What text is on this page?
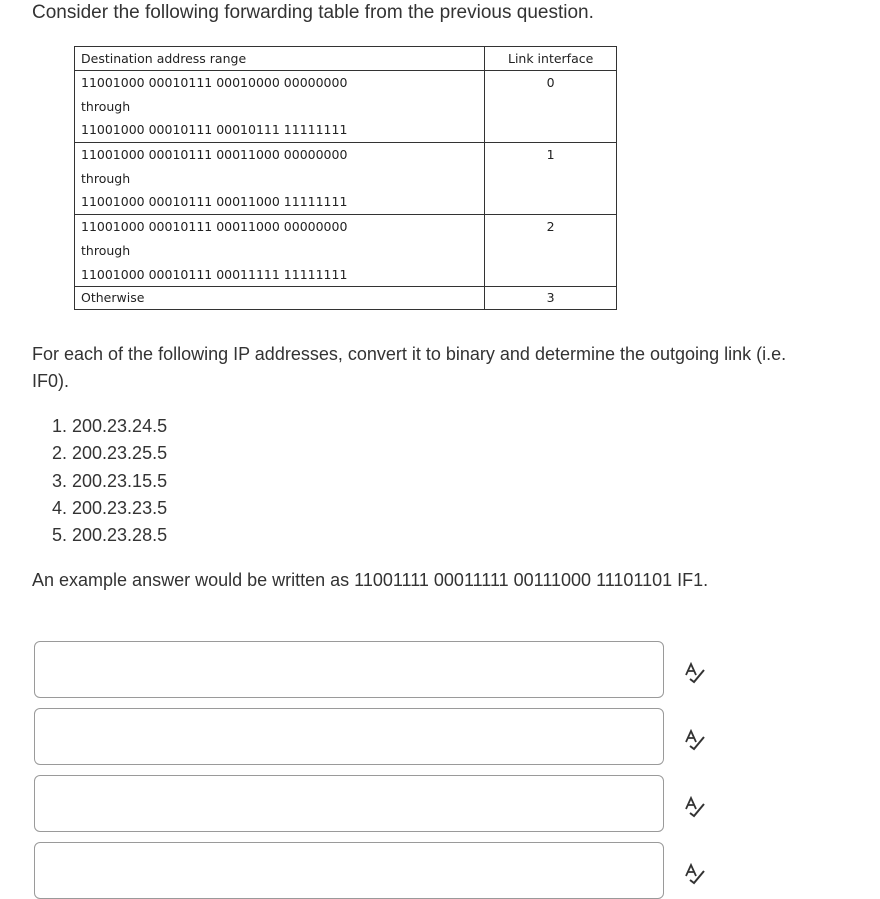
Consider the following forwarding table from the previous question.
Destination address range	Link interface

11001000 00010111 00010000 00000000
through
11001000 00010111 00010111 11111111	0

11001000 00010111 00011000 00000000
through
11001000 00010111 00011000 11111111	1

11001000 00010111 00011000 00000000
through
11001000 00010111 00011111 11111111	2

Otherwise	3
For each of the following IP addresses, convert it to binary and determine the outgoing link (i.e. IF0).
1. 200.23.24.5
2. 200.23.25.5
3. 200.23.15.5
4. 200.23.23.5
5. 200.23.28.5
An example answer would be written as 11001111 00011111 00111000 11101101 IF1.
